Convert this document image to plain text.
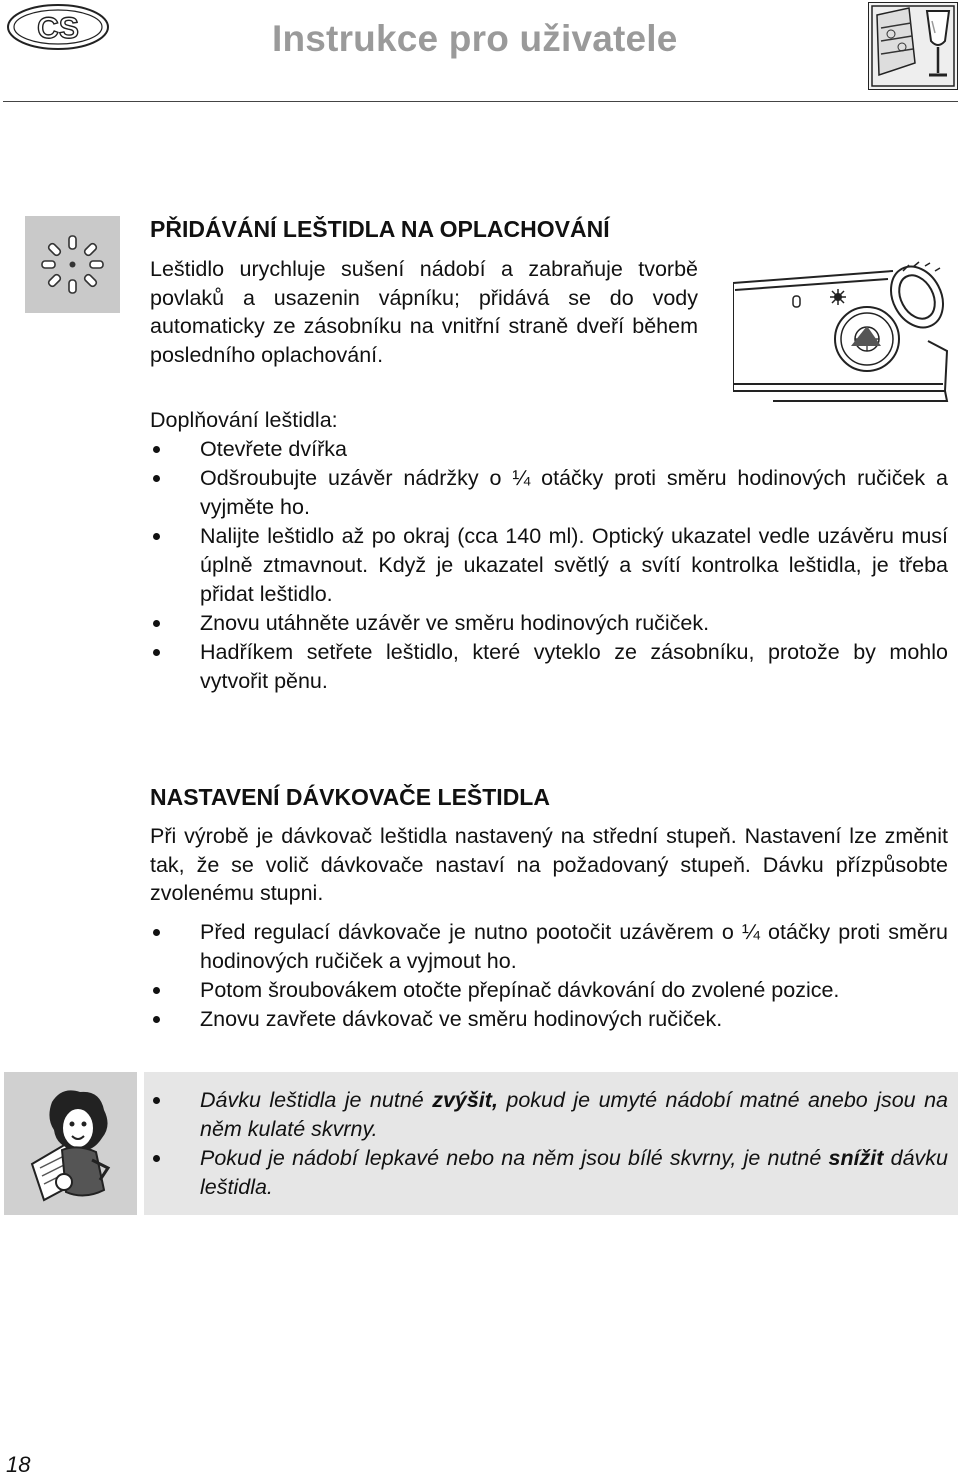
CS	Instrukce pro uživatele
PŘIDÁVÁNÍ LEŠTIDLA NA OPLACHOVÁNÍ
Leštidlo urychluje sušení nádobí a zabraňuje tvorbě povlaků a usazenin vápníku; přidává se do vody automaticky ze zásobníku na vnitřní straně dveří během posledního oplachování.
Doplňování leštidla:
Otevřete dvířka
Odšroubujte uzávěr nádržky o ¼ otáčky proti směru hodinových ručiček a vyjměte ho.
Nalijte leštidlo až po okraj (cca 140 ml). Optický ukazatel vedle uzávěru musí úplně ztmavnout. Když je ukazatel světlý a svítí kontrolka leštidla, je třeba přidat leštidlo.
Znovu utáhněte uzávěr ve směru hodinových ručiček.
Hadříkem setřete leštidlo, které vyteklo ze zásobníku, protože by mohlo vytvořit pěnu.
NASTAVENÍ DÁVKOVAČE LEŠTIDLA
Při výrobě je dávkovač leštidla nastavený na střední stupeň. Nastavení lze změnit tak, že se volič dávkovače nastaví na požadovaný stupeň. Dávku přízpůsobte zvolenému stupni.
Před regulací dávkovače je nutno pootočit uzávěrem o ¼ otáčky proti směru hodinových ručiček a vyjmout ho.
Potom šroubovákem otočte přepínač dávkování do zvolené pozice.
Znovu zavřete dávkovač ve směru hodinových ručiček.
Dávku leštidla je nutné zvýšit, pokud je umyté nádobí matné anebo jsou na něm kulaté skvrny.
Pokud je nádobí lepkavé nebo na něm jsou bílé skvrny, je nutné snížit dávku leštidla.
18
